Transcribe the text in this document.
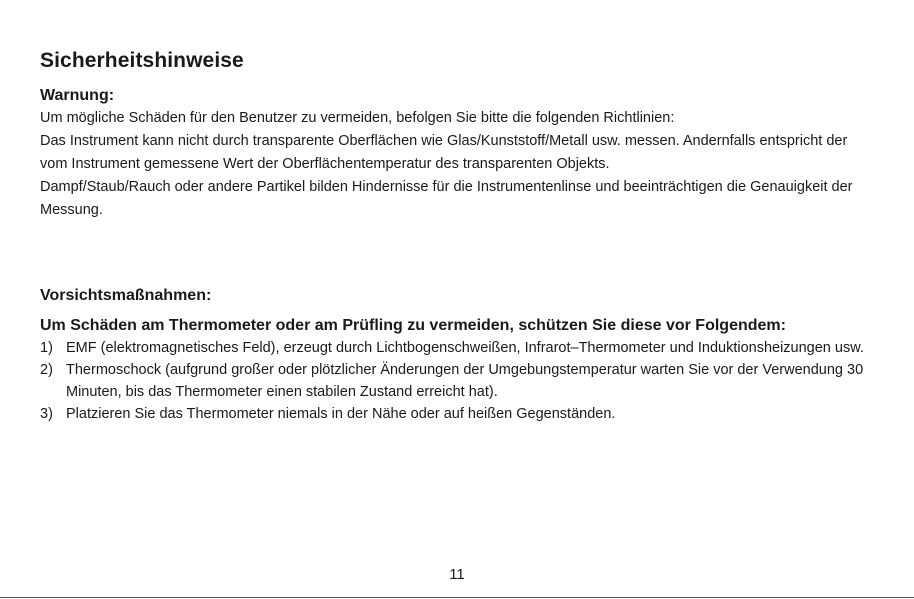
Sicherheitshinweise
Warnung:

Um mögliche Schäden für den Benutzer zu vermeiden, befolgen Sie bitte die folgenden Richtlinien:

Das Instrument kann nicht durch transparente Oberflächen wie Glas/Kunststoff/Metall usw. messen. Andernfalls entspricht der vom Instrument gemessene Wert der Oberflächentemperatur des transparenten Objekts.

Dampf/Staub/Rauch oder andere Partikel bilden Hindernisse für die Instrumentenlinse und beeinträchtigen die Genauigkeit der Messung.

Vorsichtsmaßnahmen:
Um Schäden am Thermometer oder am Prüfling zu vermeiden, schützen Sie diese vor Folgendem:
1) EMF (elektromagnetisches Feld), erzeugt durch Lichtbogenschweißen, Infrarot–Thermometer und Induktionsheizungen usw.
2) Thermoschock (aufgrund großer oder plötzlicher Änderungen der Umgebungstemperatur warten Sie vor der Verwendung 30 Minuten, bis das Thermometer einen stabilen Zustand erreicht hat).
3) Platzieren Sie das Thermometer niemals in der Nähe oder auf heißen Gegenständen.
11
